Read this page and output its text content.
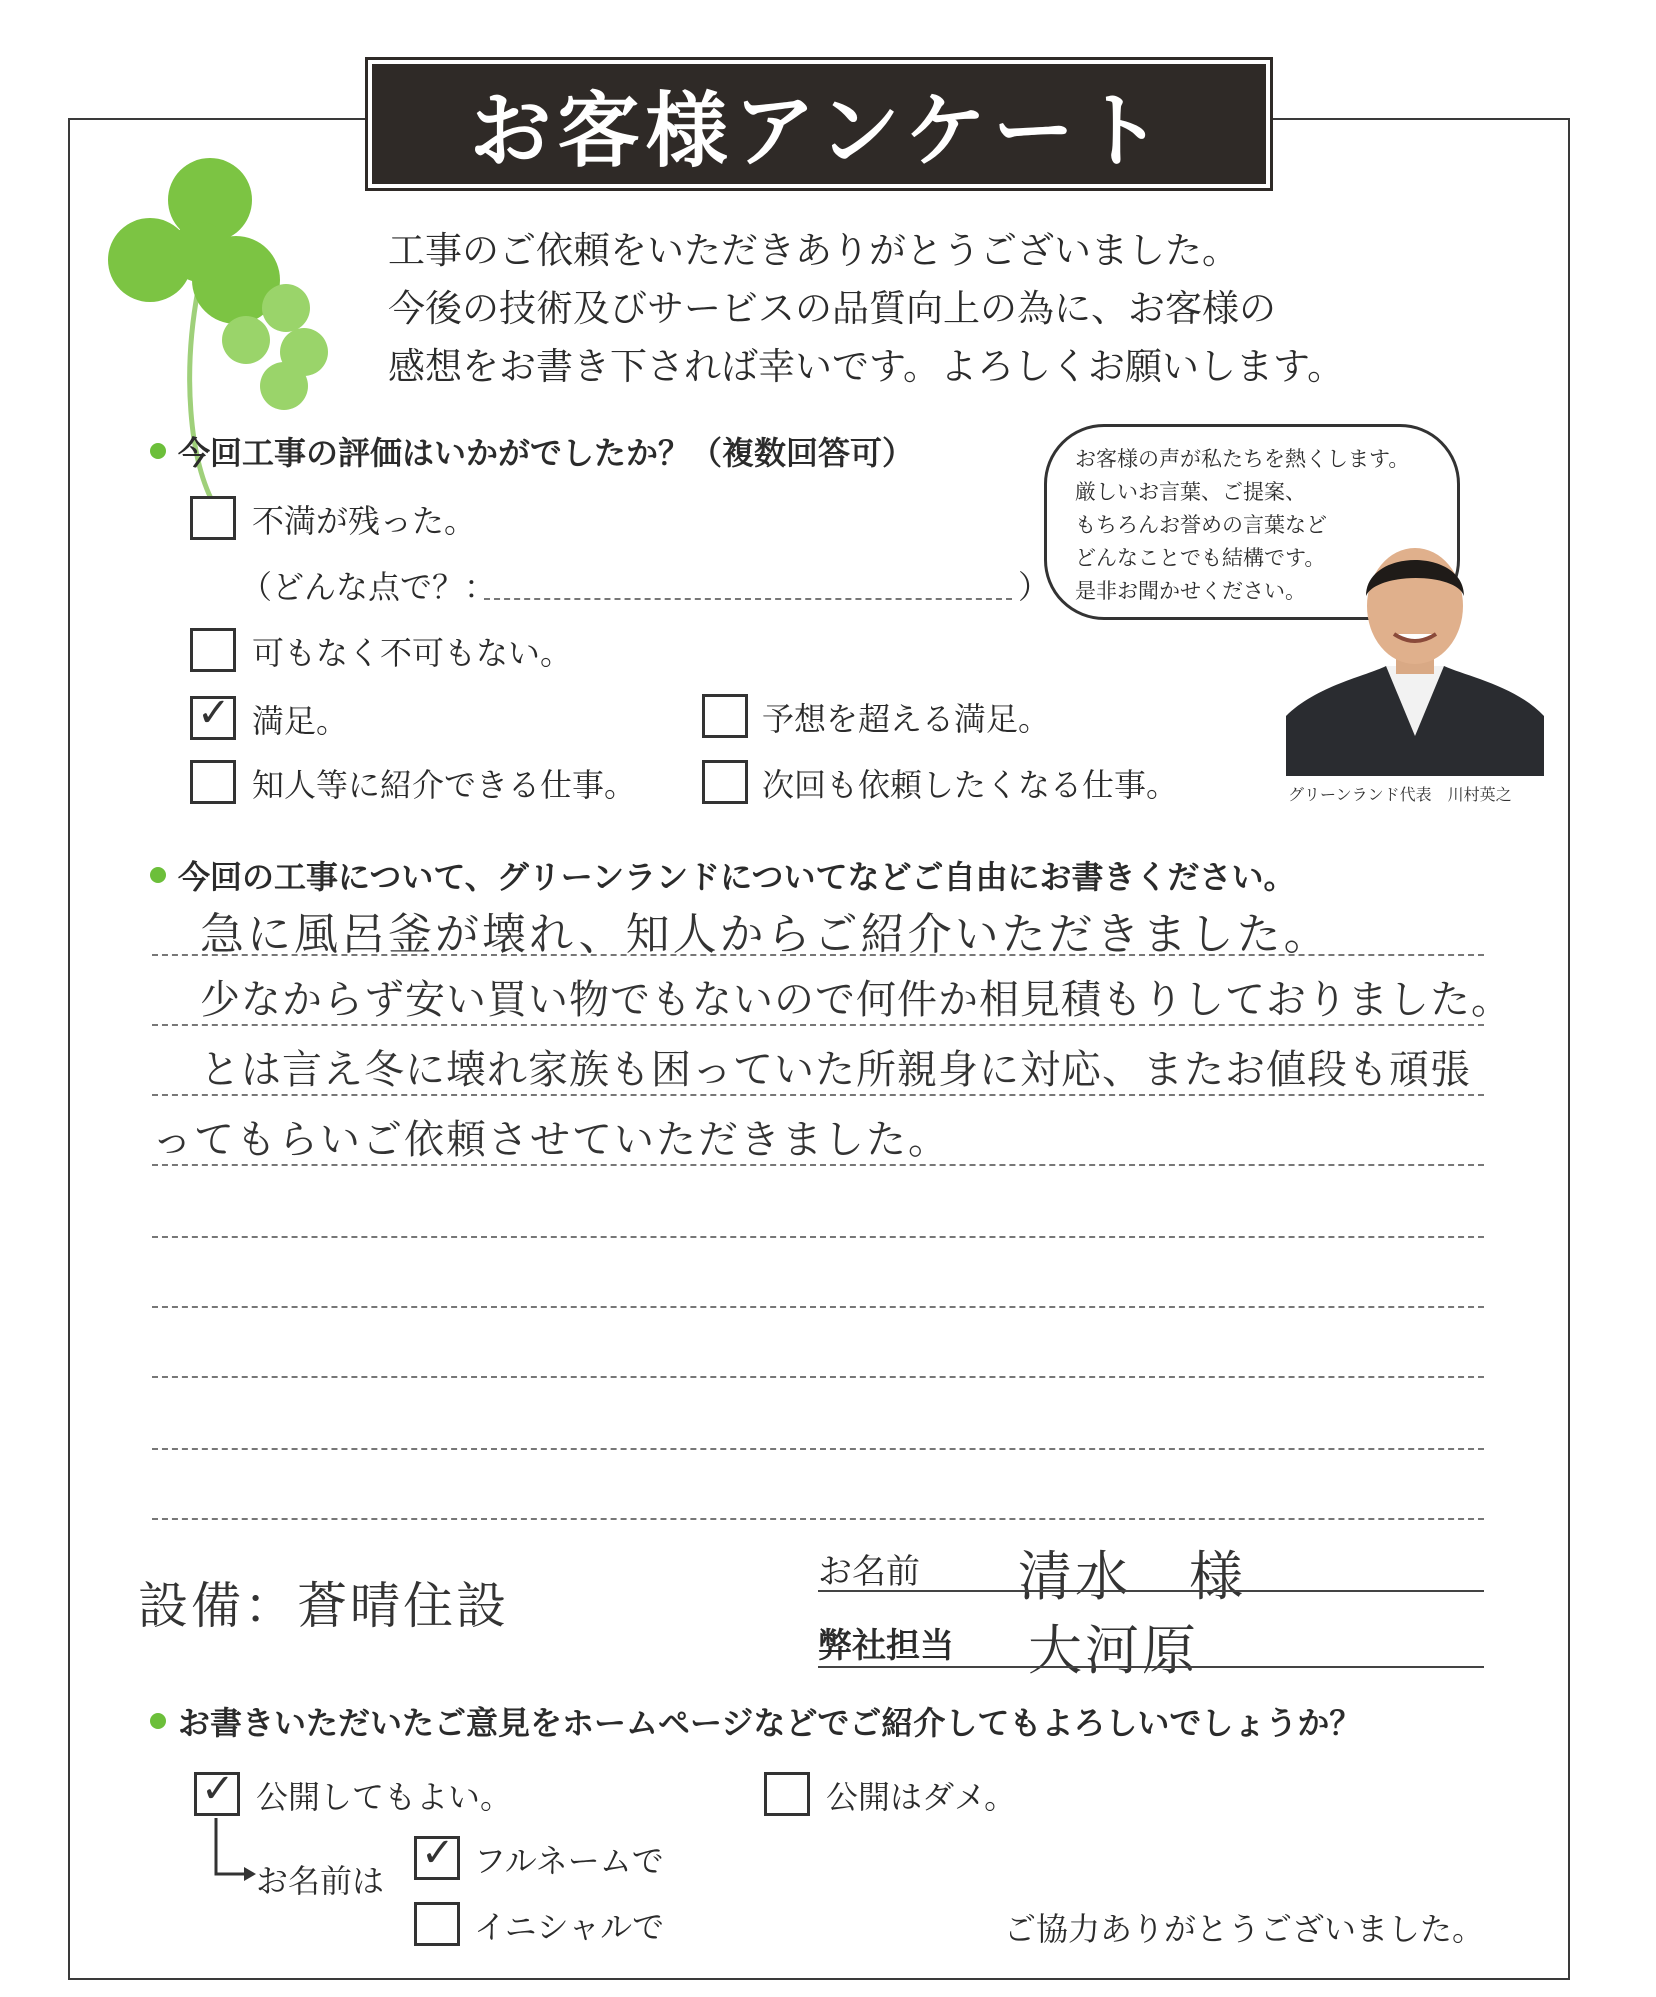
お客様アンケート
工事のご依頼をいただきありがとうございました。
今後の技術及びサービスの品質向上の為に、お客様の
感想をお書き下されば幸いです。よろしくお願いします。
今回工事の評価はいかがでしたか？（複数回答可）
不満が残った。
（どんな点で？：	）
可もなく不可もない。
✓ 満足。	予想を超える満足。
知人等に紹介できる仕事。	次回も依頼したくなる仕事。
お客様の声が私たちを熱くします。
厳しいお言葉、ご提案、
もちろんお誉めの言葉など
どんなことでも結構です。
是非お聞かせください。
グリーンランド代表　川村英之
今回の工事について、グリーンランドについてなどご自由にお書きください。
急に風呂釜が壊れ、知人からご紹介いただきました。
少なからず安い買い物でもないので何件か相見積もりしておりました。
とは言え冬に壊れ家族も困っていた所親身に対応、またお値段も頑張
ってもらいご依頼させていただきました。
設備：蒼晴住設
お名前 清水　様
弊社担当 大河原
お書きいただいたご意見をホームページなどでご紹介してもよろしいでしょうか？
✓ 公開してもよい。	公開はダメ。
お名前は
✓ フルネームで
イニシャルで	ご協力ありがとうございました。
